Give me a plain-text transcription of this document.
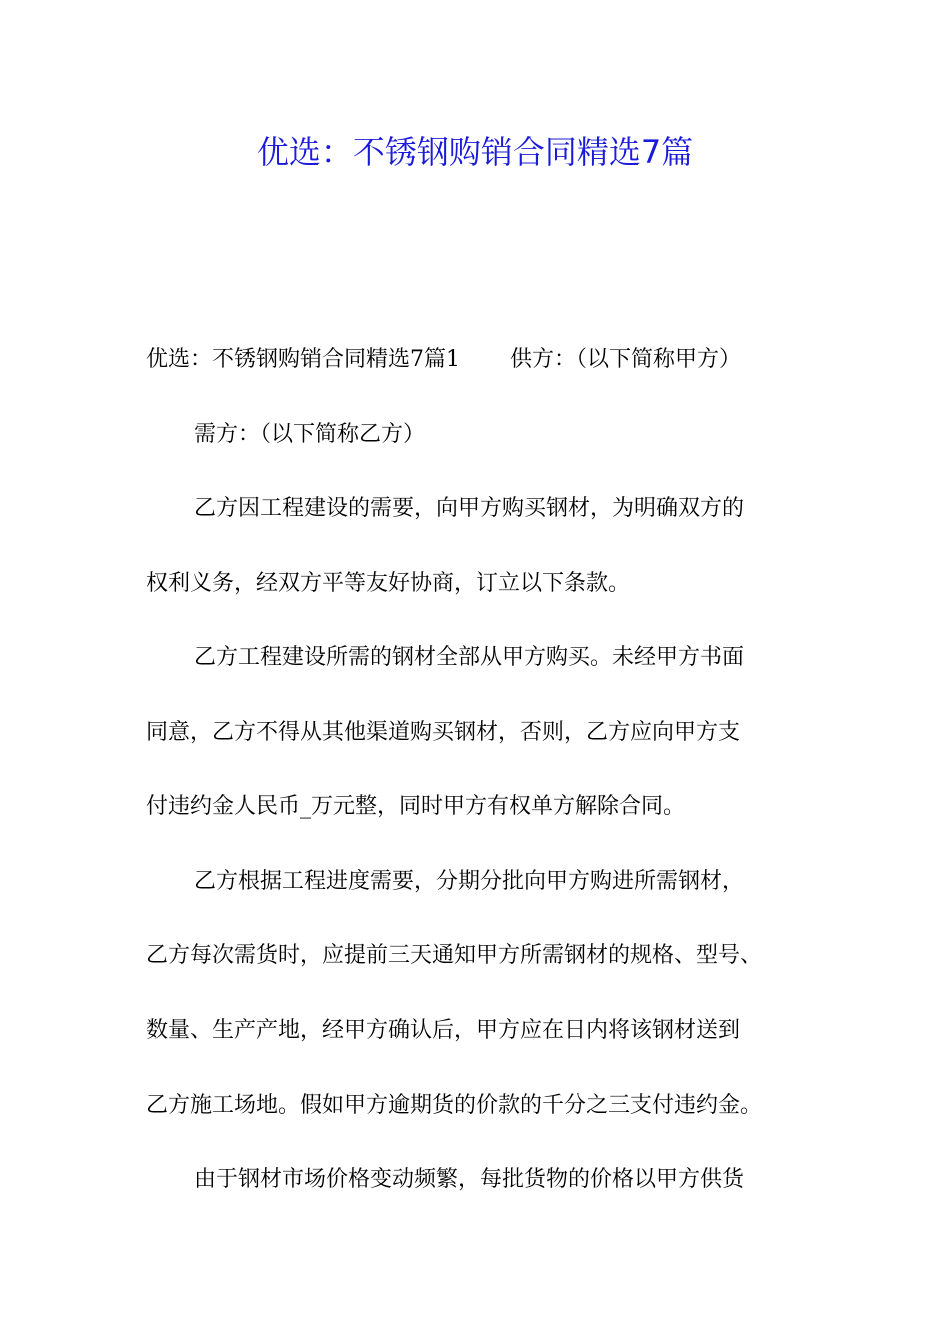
优选：不锈钢购销合同精选7篇

优选：不锈钢购销合同精选7篇1 供方：（以下简称甲方）

需方：（以下简称乙方）

乙方因工程建设的需要，向甲方购买钢材，为明确双方的

权利义务，经双方平等友好协商，订立以下条款。

乙方工程建设所需的钢材全部从甲方购买。未经甲方书面

同意，乙方不得从其他渠道购买钢材，否则，乙方应向甲方支

付违约金人民币_万元整，同时甲方有权单方解除合同。

乙方根据工程进度需要，分期分批向甲方购进所需钢材，

乙方每次需货时，应提前三天通知甲方所需钢材的规格、型号、

数量、生产产地，经甲方确认后，甲方应在日内将该钢材送到

乙方施工场地。假如甲方逾期货的价款的千分之三支付违约金。

由于钢材市场价格变动频繁，每批货物的价格以甲方供货
